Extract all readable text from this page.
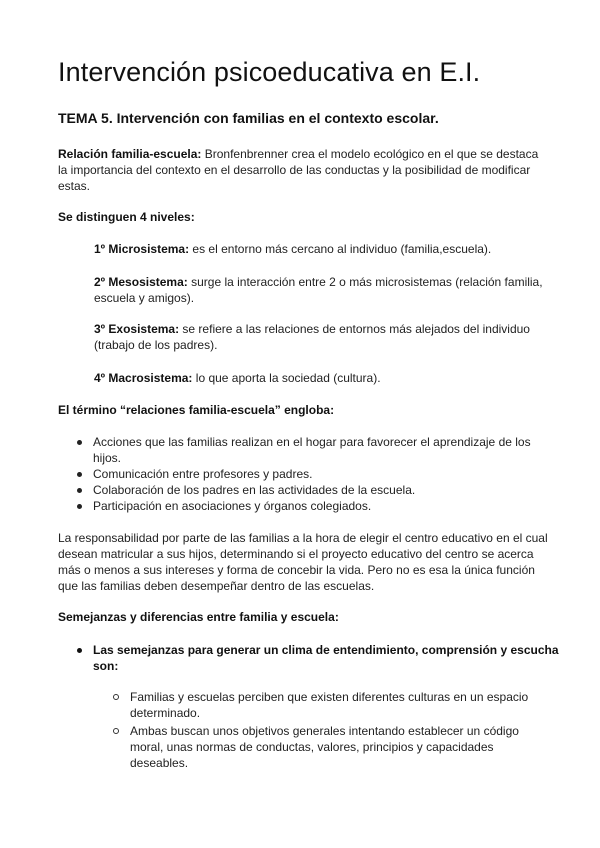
Intervención psicoeducativa en E.I.
TEMA 5. Intervención con familias en el contexto escolar.

Relación familia-escuela: Bronfenbrenner crea el modelo ecológico en el que se destaca la importancia del contexto en el desarrollo de las conductas y la posibilidad de modificar estas.

Se distinguen 4 niveles:

1º Microsistema: es el entorno más cercano al individuo (familia,escuela).

2º Mesosistema: surge la interacción entre 2 o más microsistemas (relación familia, escuela y amigos).

3º Exosistema: se refiere a las relaciones de entornos más alejados del individuo (trabajo de los padres).

4º Macrosistema: lo que aporta la sociedad (cultura).

El término “relaciones familia-escuela” engloba:

Acciones que las familias realizan en el hogar para favorecer el aprendizaje de los hijos.
Comunicación entre profesores y padres.
Colaboración de los padres en las actividades de la escuela.
Participación en asociaciones y órganos colegiados.

La responsabilidad por parte de las familias a la hora de elegir el centro educativo en el cual desean matricular a sus hijos, determinando si el proyecto educativo del centro se acerca más o menos a sus intereses y forma de concebir la vida. Pero no es esa la única función que las familias deben desempeñar dentro de las escuelas.

Semejanzas y diferencias entre familia y escuela:

Las semejanzas para generar un clima de entendimiento, comprensión y escucha son:

Familias y escuelas perciben que existen diferentes culturas en un espacio determinado.
Ambas buscan unos objetivos generales intentando establecer un código moral, unas normas de conductas, valores, principios y capacidades deseables.
